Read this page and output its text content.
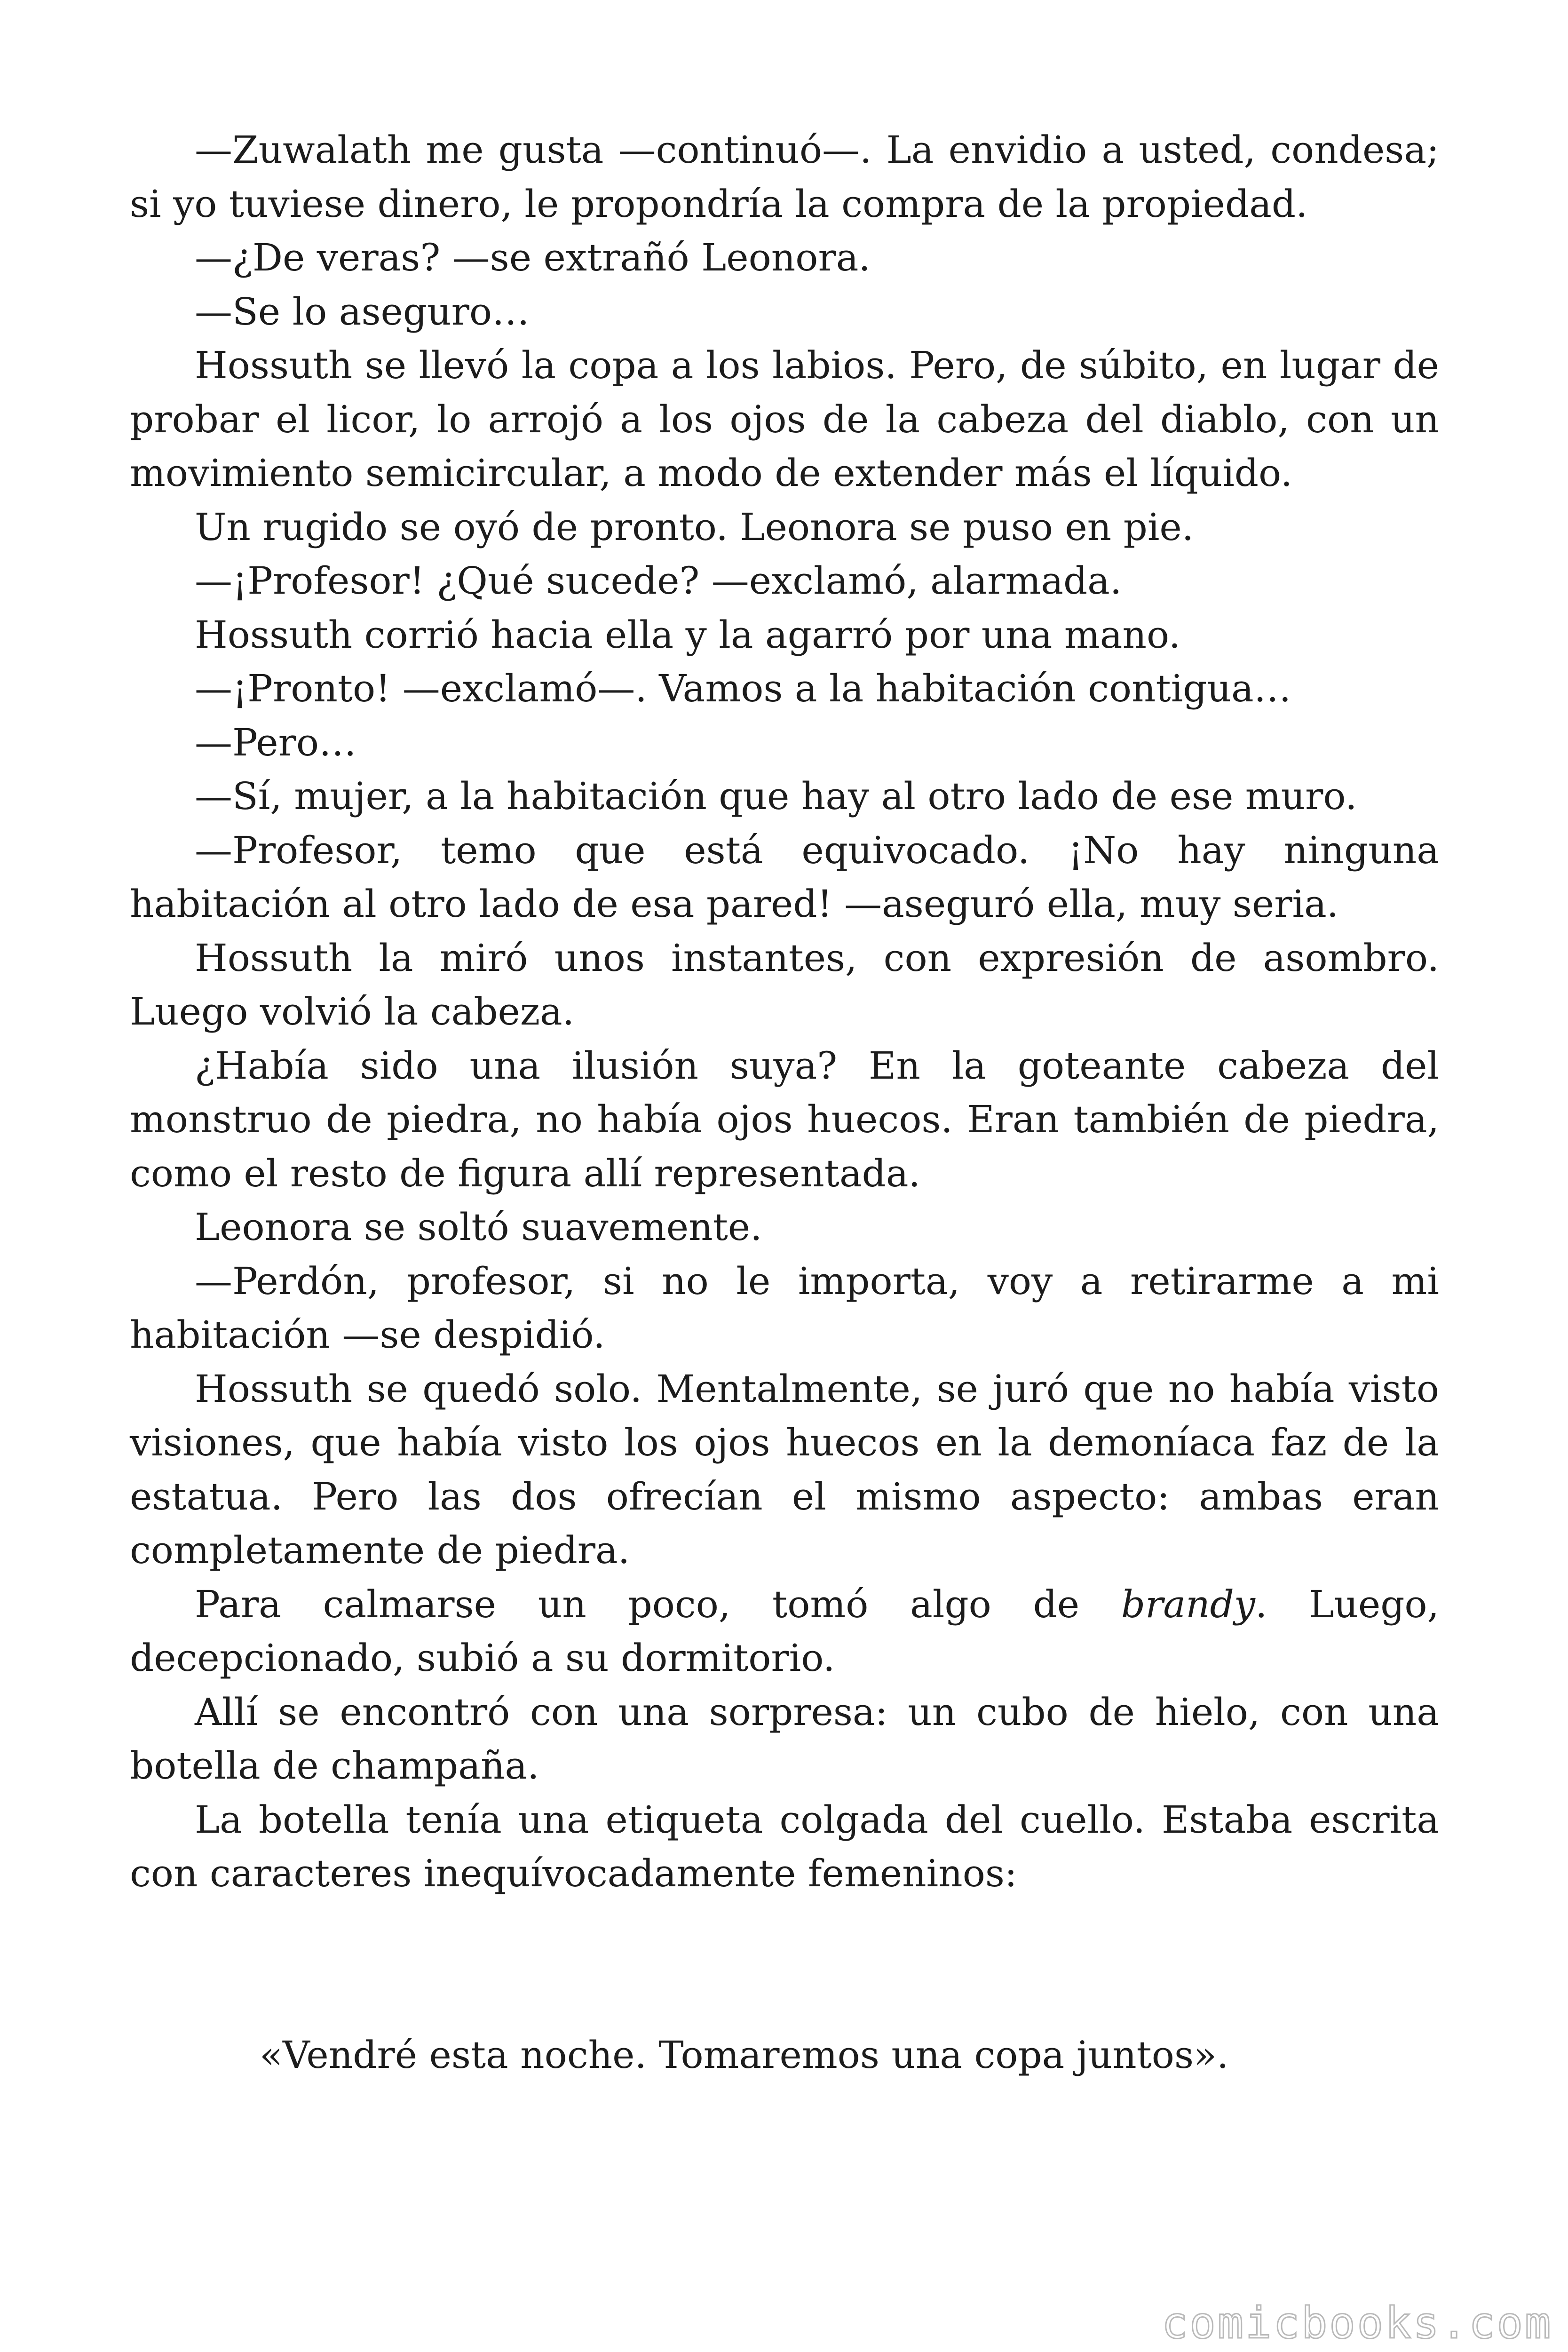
—Zuwalath me gusta —continuó—. La envidio a usted, condesa; si yo tuviese dinero, le propondría la compra de la propiedad.

—¿De veras? —se extrañó Leonora.

—Se lo aseguro…

Hossuth se llevó la copa a los labios. Pero, de súbito, en lugar de probar el licor, lo arrojó a los ojos de la cabeza del diablo, con un movimiento semicircular, a modo de extender más el líquido.

Un rugido se oyó de pronto. Leonora se puso en pie.

—¡Profesor! ¿Qué sucede? —exclamó, alarmada.

Hossuth corrió hacia ella y la agarró por una mano.

—¡Pronto! —exclamó—. Vamos a la habitación contigua…

—Pero…

—Sí, mujer, a la habitación que hay al otro lado de ese muro.

—Profesor, temo que está equivocado. ¡No hay ninguna habitación al otro lado de esa pared! —aseguró ella, muy seria.

Hossuth la miró unos instantes, con expresión de asombro. Luego volvió la cabeza.

¿Había sido una ilusión suya? En la goteante cabeza del monstruo de piedra, no había ojos huecos. Eran también de piedra, como el resto de figura allí representada.

Leonora se soltó suavemente.

—Perdón, profesor, si no le importa, voy a retirarme a mi habitación —se despidió.

Hossuth se quedó solo. Mentalmente, se juró que no había visto visiones, que había visto los ojos huecos en la demoníaca faz de la estatua. Pero las dos ofrecían el mismo aspecto: ambas eran completamente de piedra.

Para calmarse un poco, tomó algo de brandy. Luego, decepcionado, subió a su dormitorio.

Allí se encontró con una sorpresa: un cubo de hielo, con una botella de champaña.

La botella tenía una etiqueta colgada del cuello. Estaba escrita con caracteres inequívocadamente femeninos:

«Vendré esta noche. Tomaremos una copa juntos».
comicbooks.com
